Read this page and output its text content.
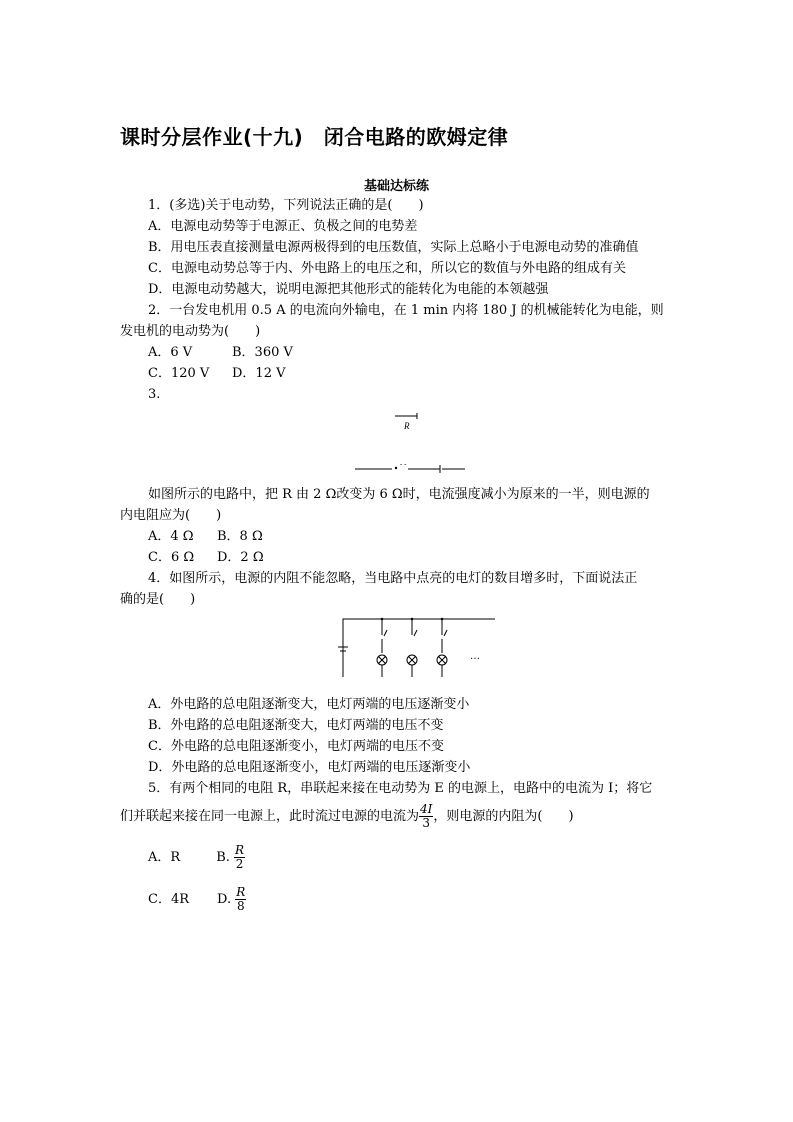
课时分层作业(十九)　闭合电路的欧姆定律
基础达标练
1．(多选)关于电动势，下列说法正确的是(　　)
A．电源电动势等于电源正、负极之间的电势差
B．用电压表直接测量电源两极得到的电压数值，实际上总略小于电源电动势的准确值
C．电源电动势总等于内、外电路上的电压之和，所以它的数值与外电路的组成有关
D．电源电动势越大，说明电源把其他形式的能转化为电能的本领越强
2．一台发电机用 0.5 A 的电流向外输电，在 1 min 内将 180 J 的机械能转化为电能，则
发电机的电动势为(　　)
A．6 V	B．360 V
C．120 V D．12 V
3.
- -
R
如图所示的电路中，把 R 由 2 Ω改变为 6 Ω时，电流强度减小为原来的一半，则电源的
内电阻应为(　　)
A．4 Ω B．8 Ω
C．6 Ω D．2 Ω
4．如图所示，电源的内阻不能忽略，当电路中点亮的电灯的数目增多时，下面说法正
确的是(　　)
…
A．外电路的总电阻逐渐变大，电灯两端的电压逐渐变小
B．外电路的总电阻逐渐变大，电灯两端的电压不变
C．外电路的总电阻逐渐变小，电灯两端的电压不变
D．外电路的总电阻逐渐变小，电灯两端的电压逐渐变小
5．有两个相同的电阻 R，串联起来接在电动势为 E 的电源上，电路中的电流为 I；将它
们并联起来接在同一电源上，此时流过电源的电流为 $\frac{4I}{3}$ ，则电源的内阻为(　　)
A．R	B. $\frac{R}{2}$
C．4R D. $\frac{R}{8}$
